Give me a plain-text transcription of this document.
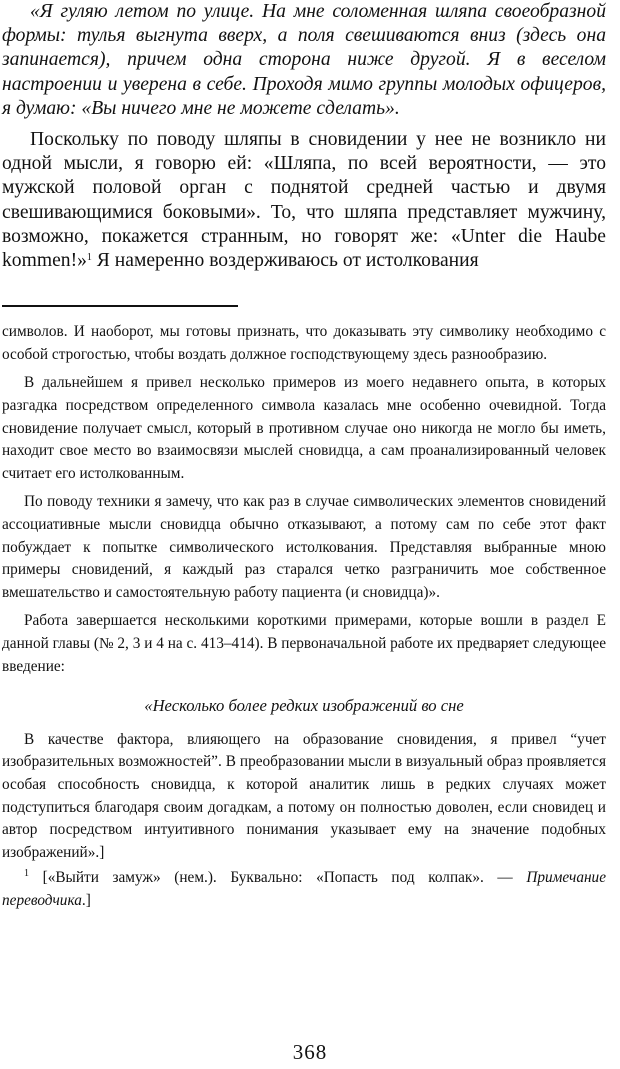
«Я гуляю летом по улице. На мне соломенная шляпа своеобразной формы: тулья выгнута вверх, а поля свешиваются вниз (здесь она запинается), причем одна сторона ниже другой. Я в веселом настроении и уверена в себе. Проходя мимо группы молодых офицеров, я думаю: «Вы ничего мне не можете сделать».

Поскольку по поводу шляпы в сновидении у нее не возникло ни одной мысли, я говорю ей: «Шляпа, по всей вероятности, — это мужской половой орган с поднятой средней частью и двумя свешивающимися боковыми». То, что шляпа представляет мужчину, возможно, покажется странным, но говорят же: «Unter die Haube kommen!»$^1$ Я намеренно воздерживаюсь от истолкования

символов. И наоборот, мы готовы признать, что доказывать эту символику необходимо с особой строгостью, чтобы воздать должное господствующему здесь разнообразию.

В дальнейшем я привел несколько примеров из моего недавнего опыта, в которых разгадка посредством определенного символа казалась мне особенно очевидной. Тогда сновидение получает смысл, который в противном случае оно никогда не могло бы иметь, находит свое место во взаимосвязи мыслей сновидца, а сам проанализированный человек считает его истолкованным.

По поводу техники я замечу, что как раз в случае символических элементов сновидений ассоциативные мысли сновидца обычно отказывают, а потому сам по себе этот факт побуждает к попытке символического истолкования. Представляя выбранные мною примеры сновидений, я каждый раз старался четко разграничить мое собственное вмешательство и самостоятельную работу пациента (и сновидца)».

Работа завершается несколькими короткими примерами, которые вошли в раздел Е данной главы (№ 2, 3 и 4 на с. 413–414). В первоначальной работе их предваряет следующее введение:

«Несколько более редких изображений во сне

В качестве фактора, влияющего на образование сновидения, я привел “учет изобразительных возможностей”. В преобразовании мысли в визуальный образ проявляется особая способность сновидца, к которой аналитик лишь в редких случаях может подступиться благодаря своим догадкам, а потому он полностью доволен, если сновидец и автор посредством интуитивного понимания указывает ему на значение подобных изображений».]

$^1$ [«Выйти замуж» (нем.). Буквально: «Попасть под колпак». — Примечание переводчика.]

368
